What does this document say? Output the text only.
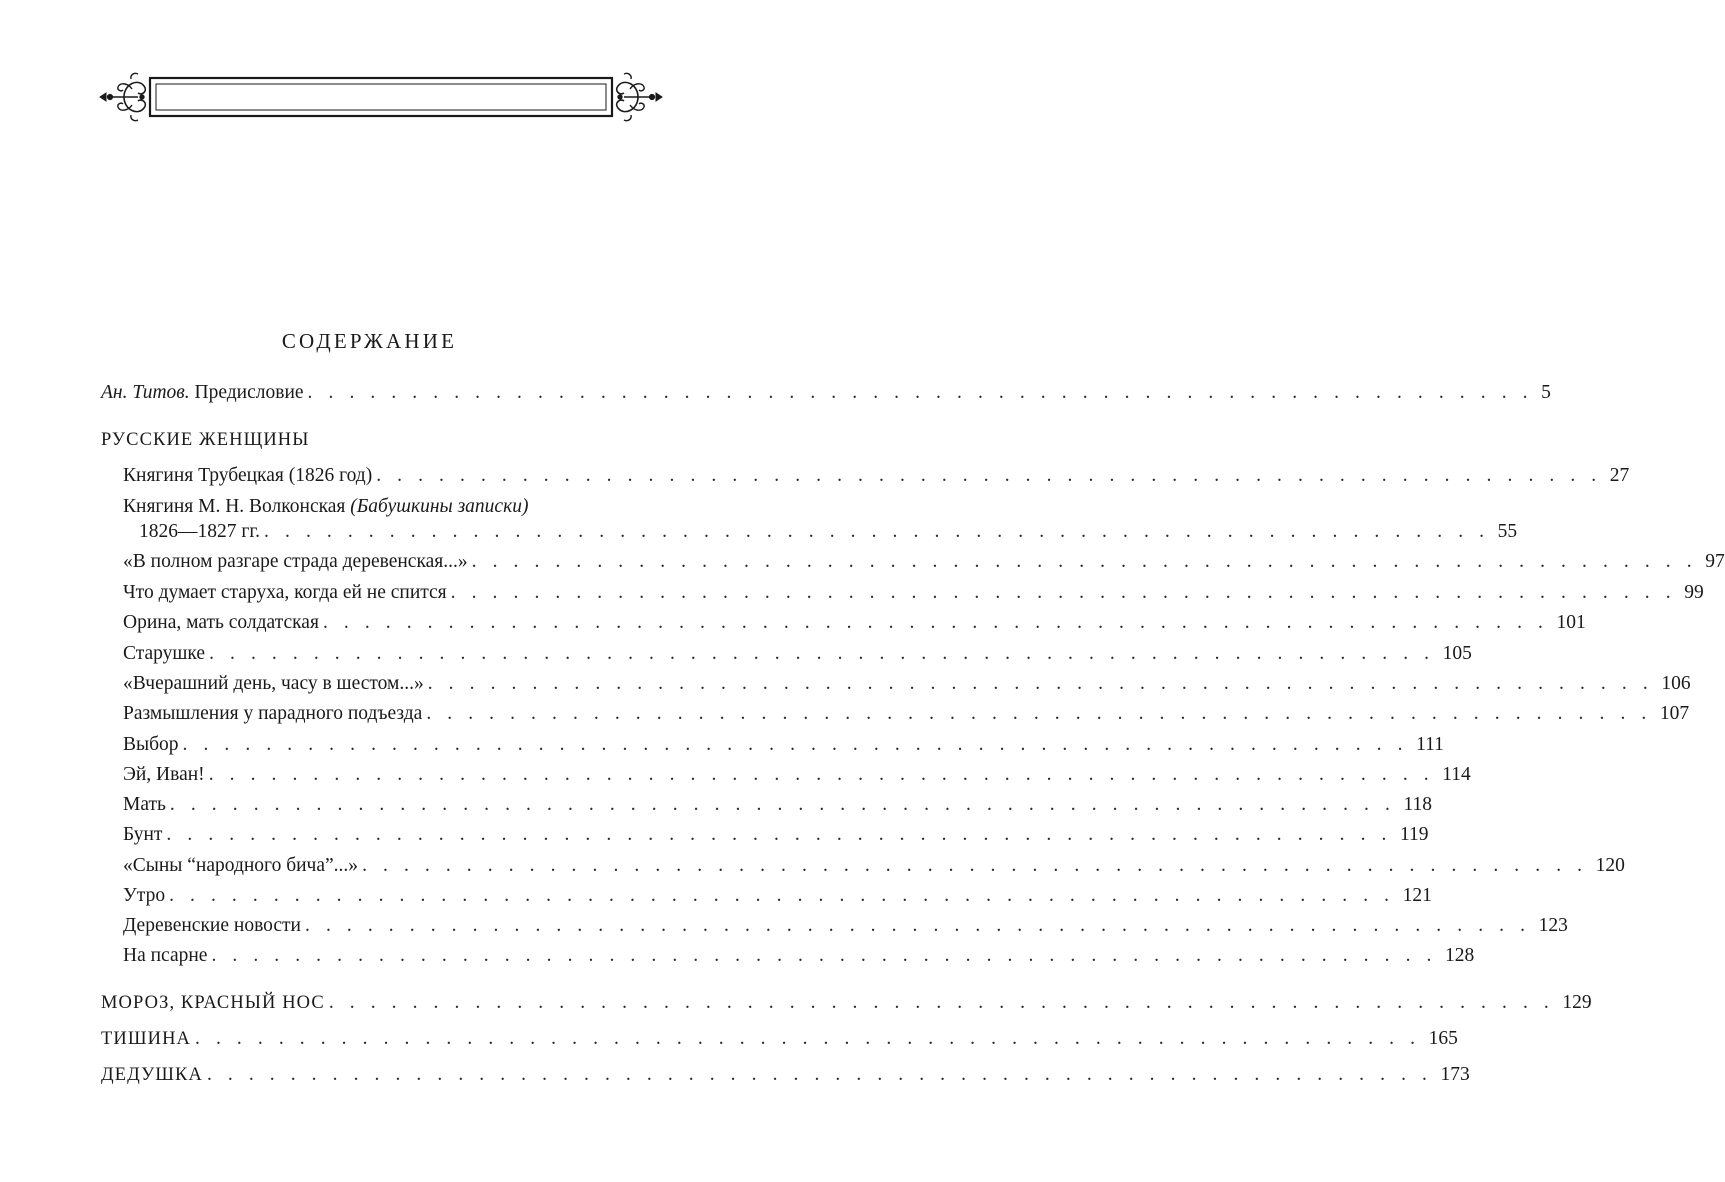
СОДЕРЖАНИЕ
Ан. Титов. Предисловие . . . . . . . . . . . . . . . . . . . . . . . . . . . . . . . . . . . . . . . . . . . . . . . . . . . . . . . . . . . 5
РУССКИЕ ЖЕНЩИНЫ
Княгиня Трубецкая (1826 год) . . . . . . . . . . . . . . . . . . . . . . . . . . . . . . . . . . . . . . . . . . . . . . . . . . . . . . . . . . . 27
Княгиня М. Н. Волконская (Бабушкины записки)
1826—1827 гг. . . . . . . . . . . . . . . . . . . . . . . . . . . . . . . . . . . . . . . . . . . . . . . . . . . . . . . . . . . . 55
«В полном разгаре страда деревенская...» . . . . . . . . . . . . . . . . . . . . . . . . . . . . . . . . . . . . . . . . . . . . . . . . . . . . . . . . . . . 97
Что думает старуха, когда ей не спится . . . . . . . . . . . . . . . . . . . . . . . . . . . . . . . . . . . . . . . . . . . . . . . . . . . . . . . . . . . 99
Орина, мать солдатская . . . . . . . . . . . . . . . . . . . . . . . . . . . . . . . . . . . . . . . . . . . . . . . . . . . . . . . . . . . 101
Старушке . . . . . . . . . . . . . . . . . . . . . . . . . . . . . . . . . . . . . . . . . . . . . . . . . . . . . . . . . . . 105
«Вчерашний день, часу в шестом...» . . . . . . . . . . . . . . . . . . . . . . . . . . . . . . . . . . . . . . . . . . . . . . . . . . . . . . . . . . . 106
Размышления у парадного подъезда . . . . . . . . . . . . . . . . . . . . . . . . . . . . . . . . . . . . . . . . . . . . . . . . . . . . . . . . . . . 107
Выбор . . . . . . . . . . . . . . . . . . . . . . . . . . . . . . . . . . . . . . . . . . . . . . . . . . . . . . . . . . . 111
Эй, Иван! . . . . . . . . . . . . . . . . . . . . . . . . . . . . . . . . . . . . . . . . . . . . . . . . . . . . . . . . . . . 114
Мать . . . . . . . . . . . . . . . . . . . . . . . . . . . . . . . . . . . . . . . . . . . . . . . . . . . . . . . . . . . 118
Бунт . . . . . . . . . . . . . . . . . . . . . . . . . . . . . . . . . . . . . . . . . . . . . . . . . . . . . . . . . . . 119
«Сыны “народного бича”...» . . . . . . . . . . . . . . . . . . . . . . . . . . . . . . . . . . . . . . . . . . . . . . . . . . . . . . . . . . . 120
Утро . . . . . . . . . . . . . . . . . . . . . . . . . . . . . . . . . . . . . . . . . . . . . . . . . . . . . . . . . . . 121
Деревенские новости . . . . . . . . . . . . . . . . . . . . . . . . . . . . . . . . . . . . . . . . . . . . . . . . . . . . . . . . . . . 123
На псарне . . . . . . . . . . . . . . . . . . . . . . . . . . . . . . . . . . . . . . . . . . . . . . . . . . . . . . . . . . . 128
МОРОЗ, КРАСНЫЙ НОС . . . . . . . . . . . . . . . . . . . . . . . . . . . . . . . . . . . . . . . . . . . . . . . . . . . . . . . . . . . 129
ТИШИНА . . . . . . . . . . . . . . . . . . . . . . . . . . . . . . . . . . . . . . . . . . . . . . . . . . . . . . . . . . . 165
ДЕДУШКА . . . . . . . . . . . . . . . . . . . . . . . . . . . . . . . . . . . . . . . . . . . . . . . . . . . . . . . . . . . 173
